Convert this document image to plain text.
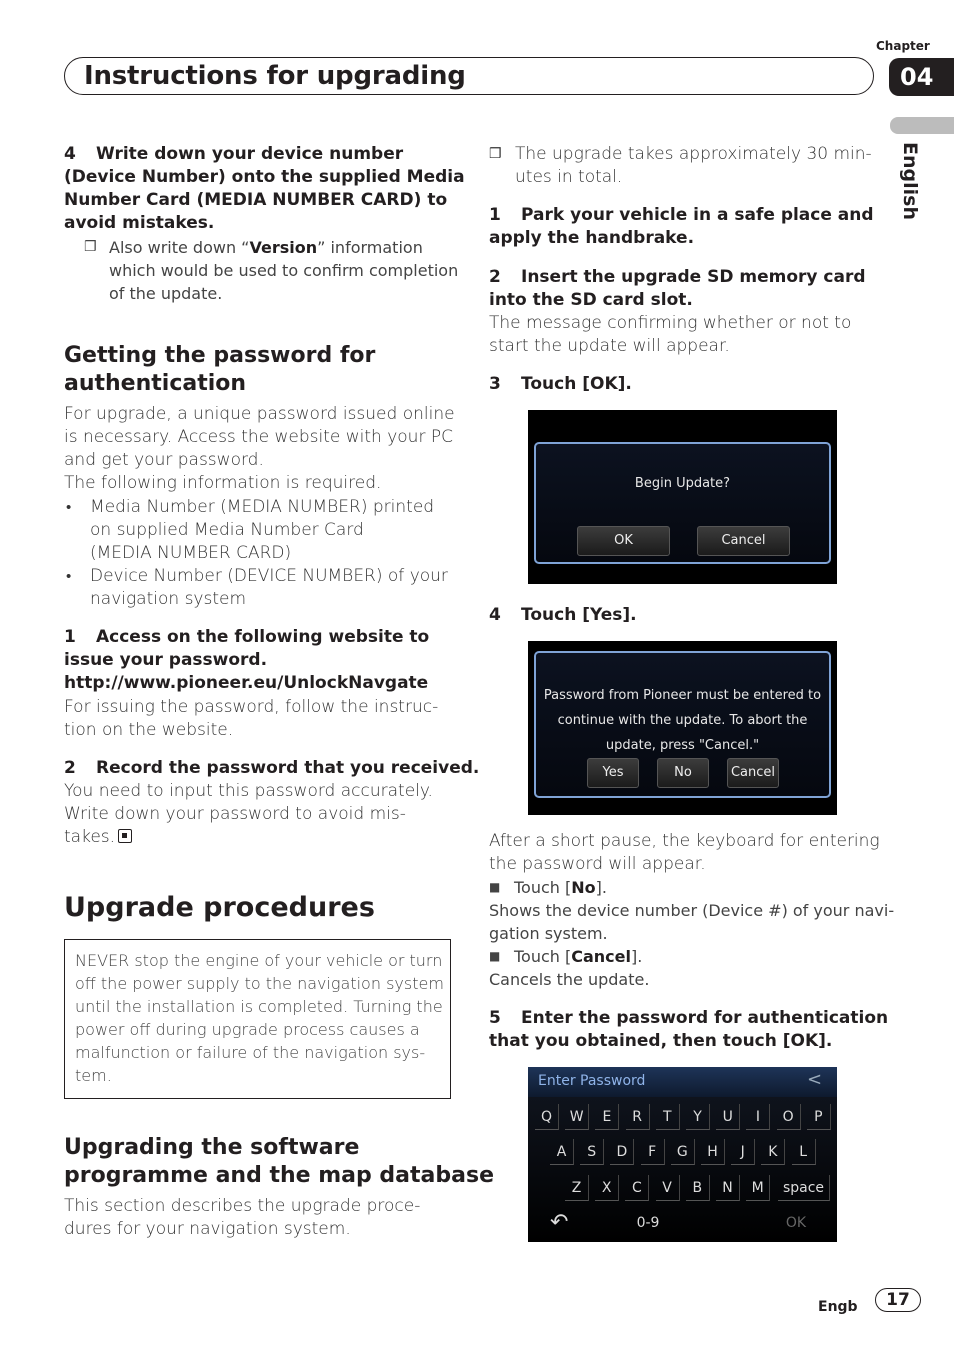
Instructions for upgrading
Chapter
04
English
4 Write down your device number
(Device Number) onto the supplied Media
Number Card (MEDIA NUMBER CARD) to
avoid mistakes.
❒ Also write down “Version” information
which would be used to confirm completion
of the update.
Getting the password for
authentication
For upgrade, a unique password issued online
is necessary. Access the website with your PC
and get your password.
The following information is required.
• Media Number (MEDIA NUMBER) printed
on supplied Media Number Card
(MEDIA NUMBER CARD)
• Device Number (DEVICE NUMBER) of your
navigation system
1 Access on the following website to
issue your password.
http://www.pioneer.eu/UnlockNavgate
For issuing the password, follow the instruc-
tion on the website.
2 Record the password that you received.
You need to input this password accurately.
Write down your password to avoid mis-
takes.
Upgrade procedures
NEVER stop the engine of your vehicle or turn
off the power supply to the navigation system
until the installation is completed. Turning the
power off during upgrade process causes a
malfunction or failure of the navigation sys-
tem.
Upgrading the software
programme and the map database
This section describes the upgrade proce-
dures for your navigation system.
❒ The upgrade takes approximately 30 min-
utes in total.
1 Park your vehicle in a safe place and
apply the handbrake.
2 Insert the upgrade SD memory card
into the SD card slot.
The message confirming whether or not to
start the update will appear.
3 Touch [OK].
Begin Update?
OK	Cancel
4 Touch [Yes].
Password from Pioneer must be entered to
continue with the update. To abort the
update, press "Cancel."
Yes	No	Cancel
After a short pause, the keyboard for entering
the password will appear.
■ Touch [No].
Shows the device number (Device #) of your navi-
gation system.
■ Touch [Cancel].
Cancels the update.
5 Enter the password for authentication
that you obtained, then touch [OK].
Enter Password	<
Q	W	E	R	T	Y	U	I	O	P
A	S	D	F	G	H	J	K	L
Z	X	C	V	B	N	M	space
↶	0-9	OK
Engb	17
